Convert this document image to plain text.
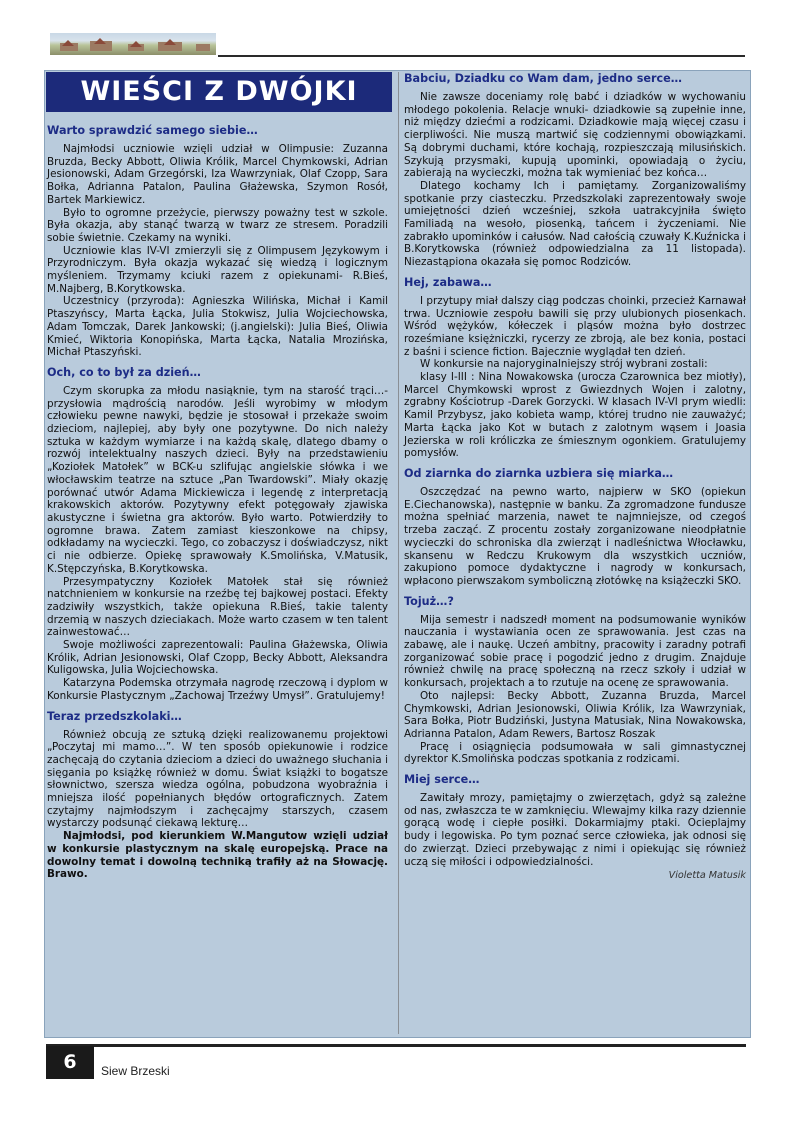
WIEŚCI Z DWÓJKI
Warto sprawdzić samego siebie…

Najmłodsi uczniowie wzięli udział w Olimpusie: Zuzanna Bruzda, Becky Abbott, Oliwia Królik, Marcel Chymkowski, Adrian Jesionowski, Adam Grzegórski, Iza Wawrzyniak, Olaf Czopp, Sara Bołka, Adrianna Patalon, Paulina Głażewska, Szymon Rosół, Bartek Markiewicz.

Było to ogromne przeżycie, pierwszy poważny test w szkole. Była okazja, aby stanąć twarzą w twarz ze stresem. Poradzili sobie świetnie. Czekamy na wyniki.

Uczniowie klas IV-VI zmierzyli się z Olimpusem Językowym i Przyrodniczym. Była okazja wykazać się wiedzą i logicznym myśleniem. Trzymamy kciuki razem z opiekunami- R.Bieś, M.Najberg, B.Korytkowska.

Uczestnicy (przyroda): Agnieszka Wilińska, Michał i Kamil Ptaszyńscy, Marta Łącka, Julia Stokwisz, Julia Wojciechowska, Adam Tomczak, Darek Jankowski; (j.angielski): Julia Bieś, Oliwia Kmieć, Wiktoria Konopińska, Marta Łącka, Natalia Mrozińska, Michał Ptaszyński.

Och, co to był za dzień…

Czym skorupka za młodu nasiąknie, tym na starość trąci…- przysłowia mądrością narodów. Jeśli wyrobimy w młodym człowieku pewne nawyki, będzie je stosował i przekaże swoim dzieciom, najlepiej, aby były one pozytywne. Do nich należy sztuka w każdym wymiarze i na każdą skalę, dlatego dbamy o rozwój intelektualny naszych dzieci. Były na przedstawieniu „Koziołek Matołek” w BCK-u szlifując angielskie słówka i we włocławskim teatrze na sztuce „Pan Twardowski”. Miały okazję porównać utwór Adama Mickiewicza i legendę z interpretacją krakowskich aktorów. Pozytywny efekt potęgowały zjawiska akustyczne i świetna gra aktorów. Było warto. Potwierdziły to ogromne brawa. Zatem zamiast kieszonkowe na chipsy, odkładamy na wycieczki. Tego, co zobaczysz i doświadczysz, nikt ci nie odbierze. Opiekę sprawowały K.Smolińska, V.Matusik, K.Stępczyńska, B.Korytkowska.

Przesympatyczny Koziołek Matołek stał się również natchnieniem w konkursie na rzeźbę tej bajkowej postaci. Efekty zadziwiły wszystkich, także opiekuna R.Bieś, takie talenty drzemią w naszych dzieciakach. Może warto czasem w ten talent zainwestować…

Swoje możliwości zaprezentowali: Paulina Głażewska, Oliwia Królik, Adrian Jesionowski, Olaf Czopp, Becky Abbott, Aleksandra Kuligowska, Julia Wojciechowska.

Katarzyna Podemska otrzymała nagrodę rzeczową i dyplom w Konkursie Plastycznym „Zachowaj Trzeźwy Umysł”. Gratulujemy!

Teraz przedszkolaki…

Również obcują ze sztuką dzięki realizowanemu projektowi „Poczytaj mi mamo…”. W ten sposób opiekunowie i rodzice zachęcają do czytania dzieciom a dzieci do uważnego słuchania i sięgania po książkę również w domu. Świat książki to bogatsze słownictwo, szersza wiedza ogólna, pobudzona wyobraźnia i mniejsza ilość popełnianych błędów ortograficznych. Zatem czytajmy najmłodszym i zachęcajmy starszych, czasem wystarczy podsunąć ciekawą lekturę…

Najmłodsi, pod kierunkiem W.Mangutow wzięli udział w konkursie plastycznym na skalę europejską. Prace na dowolny temat i dowolną techniką trafiły aż na Słowację. Brawo.

Babciu, Dziadku co Wam dam, jedno serce…

Nie zawsze doceniamy rolę babć i dziadków w wychowaniu młodego pokolenia. Relacje wnuki- dziadkowie są zupełnie inne, niż między dziećmi a rodzicami. Dziadkowie mają więcej czasu i cierpliwości. Nie muszą martwić się codziennymi obowiązkami. Są dobrymi duchami, które kochają, rozpieszczają milusińskich. Szykują przysmaki, kupują upominki, opowiadają o życiu, zabierają na wycieczki, można tak wymieniać bez końca…

Dlatego kochamy Ich i pamiętamy. Zorganizowaliśmy spotkanie przy ciasteczku. Przedszkolaki zaprezentowały swoje umiejętności dzień wcześniej, szkoła uatrakcyjniła święto Familiadą na wesoło, piosenką, tańcem i życzeniami. Nie zabrakło upominków i całusów. Nad całością czuwały K.Kuźnicka i B.Korytkowska (również odpowiedzialna za 11 listopada). Niezastąpiona okazała się pomoc Rodziców.

Hej, zabawa…

I przytupy miał dalszy ciąg podczas choinki, przecież Karnawał trwa. Uczniowie zespołu bawili się przy ulubionych piosenkach. Wśród wężyków, kółeczek i pląsów można było dostrzec roześmiane księżniczki, rycerzy ze zbroją, ale bez konia, postaci z baśni i science fiction. Bajecznie wyglądał ten dzień.

W konkursie na najoryginalniejszy strój wybrani zostali:

klasy I-III : Nina Nowakowska (urocza Czarownica bez miotły), Marcel Chymkowski wprost z Gwiezdnych Wojen i zalotny, zgrabny Kościotrup -Darek Gorzycki. W klasach IV-VI prym wiedli: Kamil Przybysz, jako kobieta wamp, której trudno nie zauważyć; Marta Łącka jako Kot w butach z zalotnym wąsem i Joasia Jezierska w roli króliczka ze śmiesznym ogonkiem. Gratulujemy pomysłów.

Od ziarnka do ziarnka uzbiera się miarka…

Oszczędzać na pewno warto, najpierw w SKO (opiekun E.Ciechanowska), następnie w banku. Za zgromadzone fundusze można spełniać marzenia, nawet te najmniejsze, od czegoś trzeba zacząć. Z procentu zostały zorganizowane nieodpłatnie wycieczki do schroniska dla zwierząt i nadleśnictwa Włocławku, skansenu w Redczu Krukowym dla wszystkich uczniów, zakupiono pomoce dydaktyczne i nagrody w konkursach, wpłacono pierwszakom symboliczną złotówkę na książeczki SKO.

Tojuż…?

Mija semestr i nadszedł moment na podsumowanie wyników nauczania i wystawiania ocen ze sprawowania. Jest czas na zabawę, ale i naukę. Uczeń ambitny, pracowity i zaradny potrafi zorganizować sobie pracę i pogodzić jedno z drugim. Znajduje również chwilę na pracę społeczną na rzecz szkoły i udział w konkursach, projektach a to rzutuje na ocenę ze sprawowania.

Oto najlepsi: Becky Abbott, Zuzanna Bruzda, Marcel Chymkowski, Adrian Jesionowski, Oliwia Królik, Iza Wawrzyniak, Sara Bołka, Piotr Budziński, Justyna Matusiak, Nina Nowakowska, Adrianna Patalon, Adam Rewers, Bartosz Roszak

Pracę i osiągnięcia podsumowała w sali gimnastycznej dyrektor K.Smolińska podczas spotkania z rodzicami.

Miej serce…

Zawitały mrozy, pamiętajmy o zwierzętach, gdyż są zależne od nas, zwłaszcza te w zamknięciu. Wlewajmy kilka razy dziennie gorącą wodę i ciepłe posiłki. Dokarmiajmy ptaki. Ocieplajmy budy i legowiska. Po tym poznać serce człowieka, jak odnosi się do zwierząt. Dzieci przebywając z nimi i opiekując się również uczą się miłości i odpowiedzialności.

Violetta Matusik
6	Siew Brzeski
